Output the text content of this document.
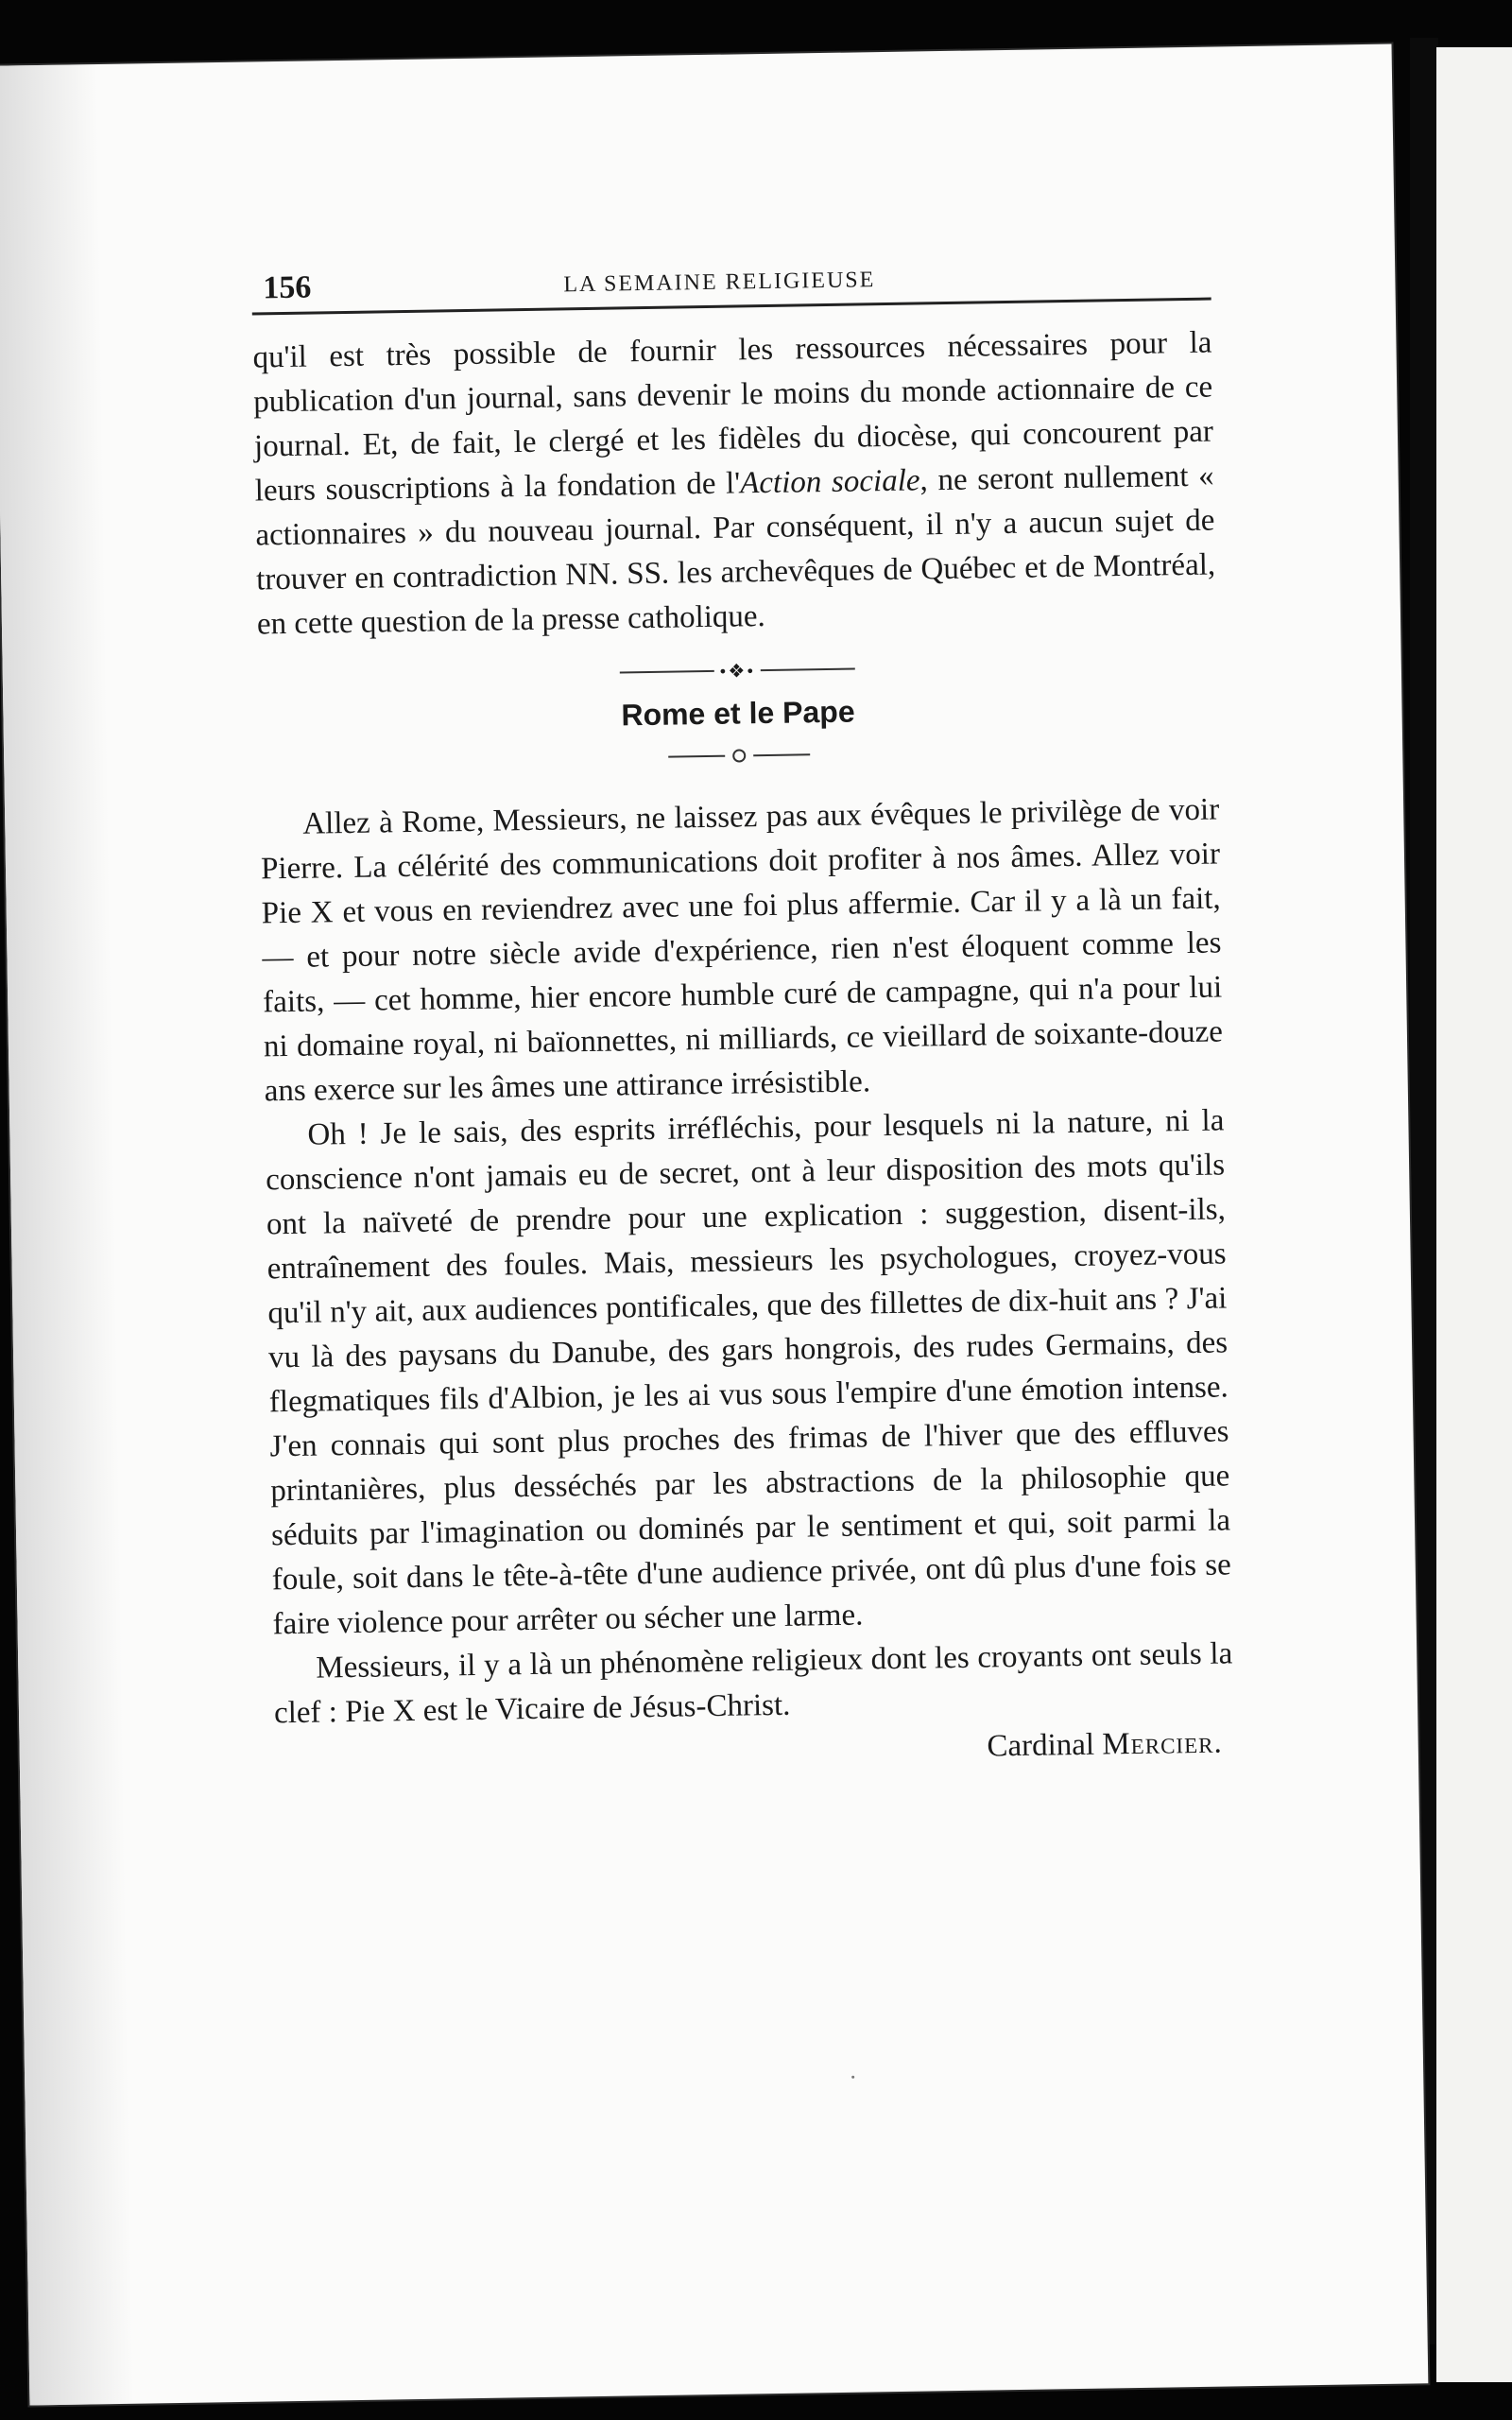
156	LA SEMAINE RELIGIEUSE

qu'il est très possible de fournir les ressources nécessaires pour la publication d'un journal, sans devenir le moins du monde actionnaire de ce journal. Et, de fait, le clergé et les fidèles du diocèse, qui concourent par leurs souscriptions à la fondation de l'Action sociale, ne seront nullement « actionnaires » du nouveau journal. Par conséquent, il n'y a aucun sujet de trouver en contradiction NN. SS. les archevêques de Québec et de Montréal, en cette question de la presse catholique.

•❖•
Rome et le Pape

Allez à Rome, Messieurs, ne laissez pas aux évêques le privilège de voir Pierre. La célérité des communications doit profiter à nos âmes. Allez voir Pie X et vous en reviendrez avec une foi plus affermie. Car il y a là un fait, — et pour notre siècle avide d'expérience, rien n'est éloquent comme les faits, — cet homme, hier encore humble curé de campagne, qui n'a pour lui ni domaine royal, ni baïonnettes, ni milliards, ce vieillard de soixante-douze ans exerce sur les âmes une attirance irrésistible.

Oh ! Je le sais, des esprits irréfléchis, pour lesquels ni la nature, ni la conscience n'ont jamais eu de secret, ont à leur disposition des mots qu'ils ont la naïveté de prendre pour une explication : suggestion, disent-ils, entraînement des foules. Mais, messieurs les psychologues, croyez-vous qu'il n'y ait, aux audiences pontificales, que des fillettes de dix-huit ans ? J'ai vu là des paysans du Danube, des gars hongrois, des rudes Germains, des flegmatiques fils d'Albion, je les ai vus sous l'empire d'une émotion intense. J'en connais qui sont plus proches des frimas de l'hiver que des effluves printanières, plus desséchés par les abstractions de la philosophie que séduits par l'imagination ou dominés par le sentiment et qui, soit parmi la foule, soit dans le tête-à-tête d'une audience privée, ont dû plus d'une fois se faire violence pour arrêter ou sécher une larme.

Messieurs, il y a là un phénomène religieux dont les croyants ont seuls la clef : Pie X est le Vicaire de Jésus-Christ.

Cardinal Mercier.
